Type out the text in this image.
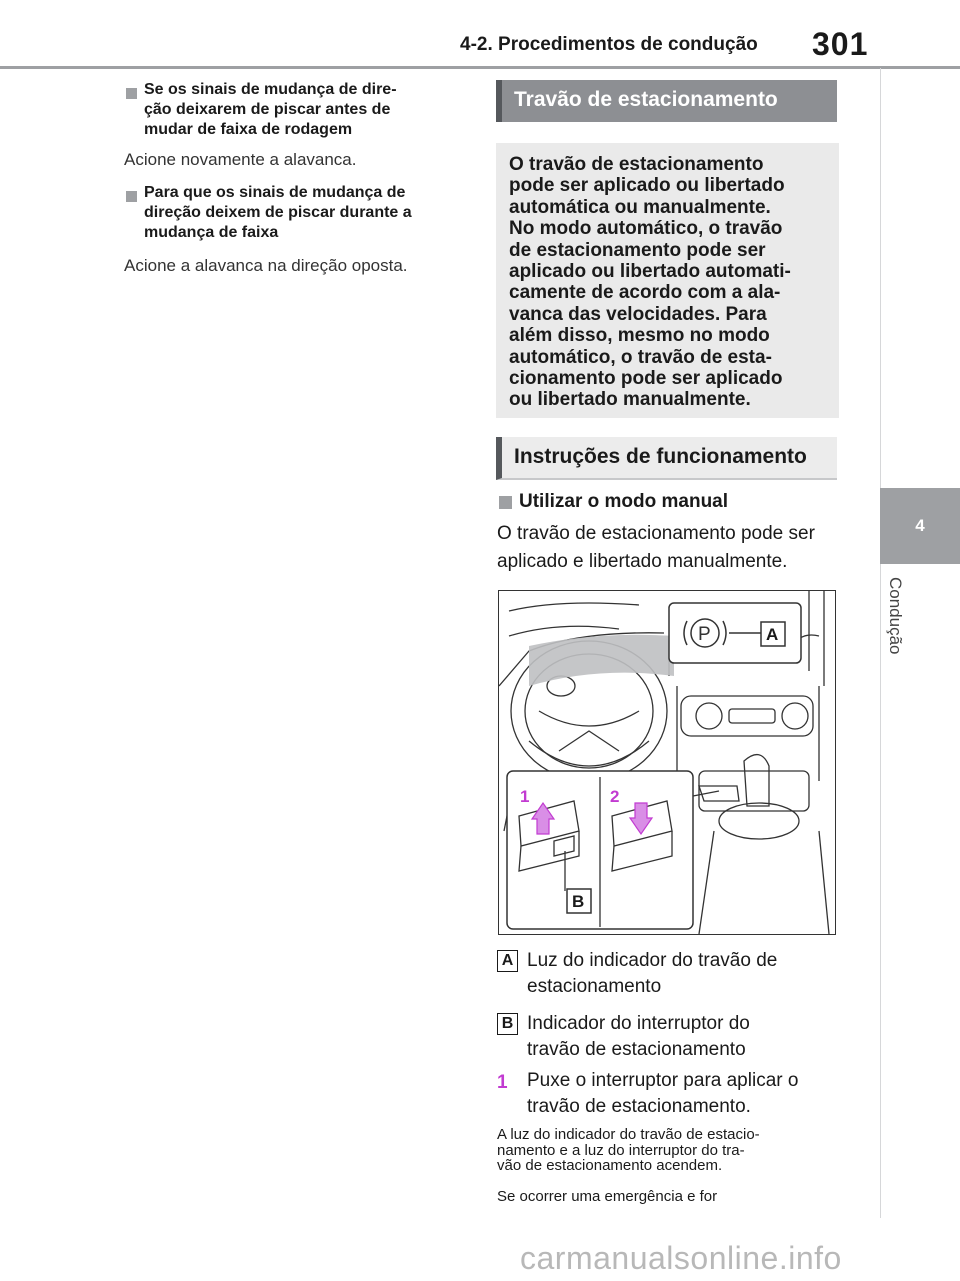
4-2. Procedimentos de condução 301
4
Condução
Se os sinais de mudança de dire-
ção deixarem de piscar antes de
mudar de faixa de rodagem
Acione novamente a alavanca.
Para que os sinais de mudança de
direção deixem de piscar durante a
mudança de faixa
Acione a alavanca na direção oposta.
Travão de estacionamento
O travão de estacionamento
pode ser aplicado ou libertado
automática ou manualmente.
No modo automático, o travão
de estacionamento pode ser
aplicado ou libertado automati-
camente de acordo com a ala-
vanca das velocidades. Para
além disso, mesmo no modo
automático, o travão de esta-
cionamento pode ser aplicado
ou libertado manualmente.
Instruções de funcionamento
Utilizar o modo manual
O travão de estacionamento pode ser
aplicado e libertado manualmente.
P	A
1	2
B
A Luz do indicador do travão de
estacionamento
B Indicador do interruptor do
travão de estacionamento
1 Puxe o interruptor para aplicar o
travão de estacionamento.
A luz do indicador do travão de estacio-
namento e a luz do interruptor do tra-
vão de estacionamento acendem.
Se ocorrer uma emergência e for
carmanualsonline.info
